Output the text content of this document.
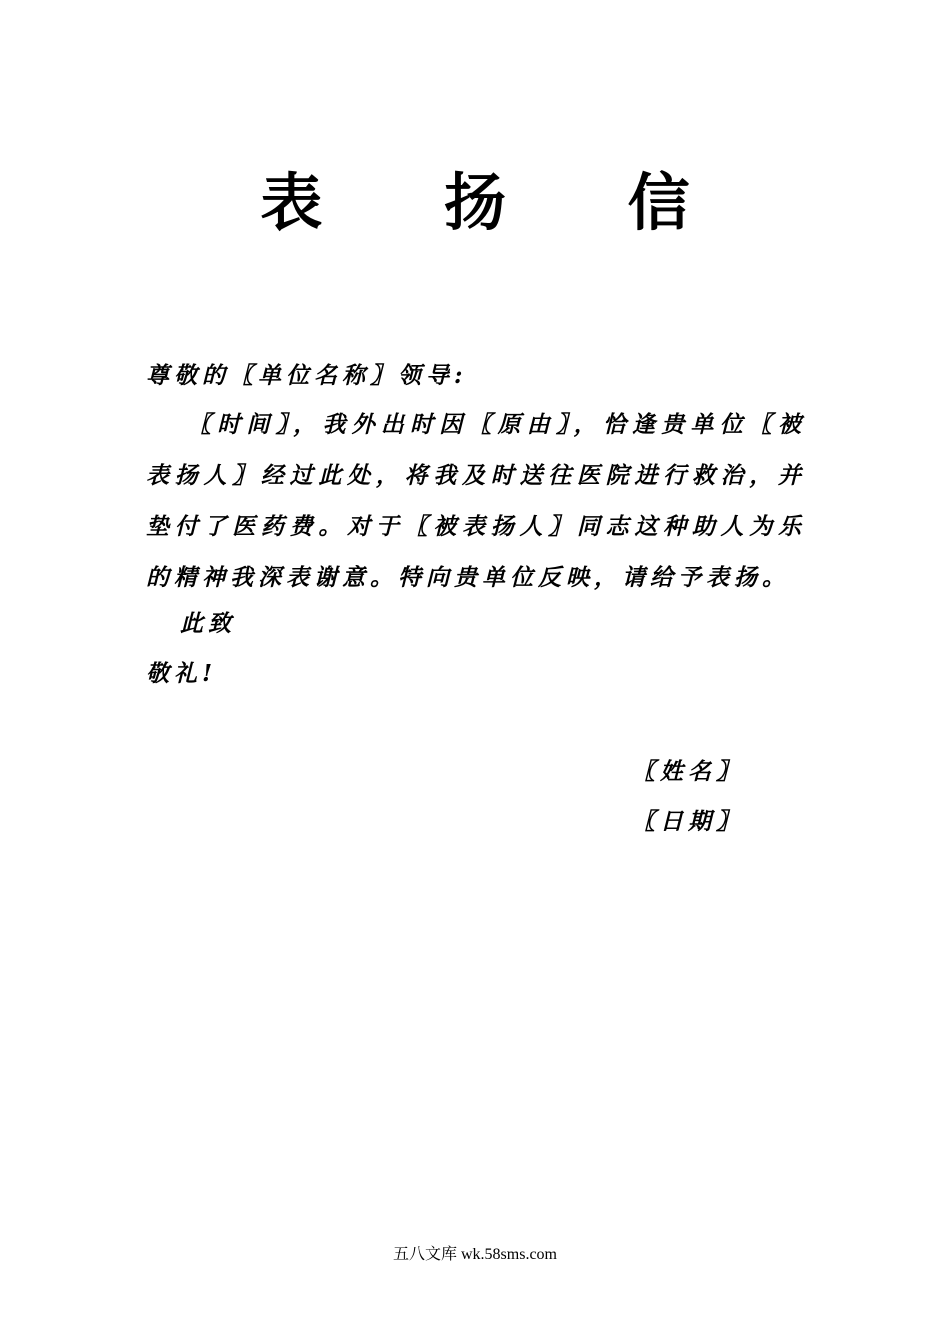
表 扬 信
尊敬的〖单位名称〗领导:
〖时间〗，我外出时因〖原由〗，恰逢贵单位〖被表扬人〗经过此处，将我及时送往医院进行救治，并垫付了医药费。对于〖被表扬人〗同志这种助人为乐的精神我深表谢意。特向贵单位反映，请给予表扬。
此致
敬礼!
〖姓名〗
〖日期〗
五八文库 wk.58sms.com
